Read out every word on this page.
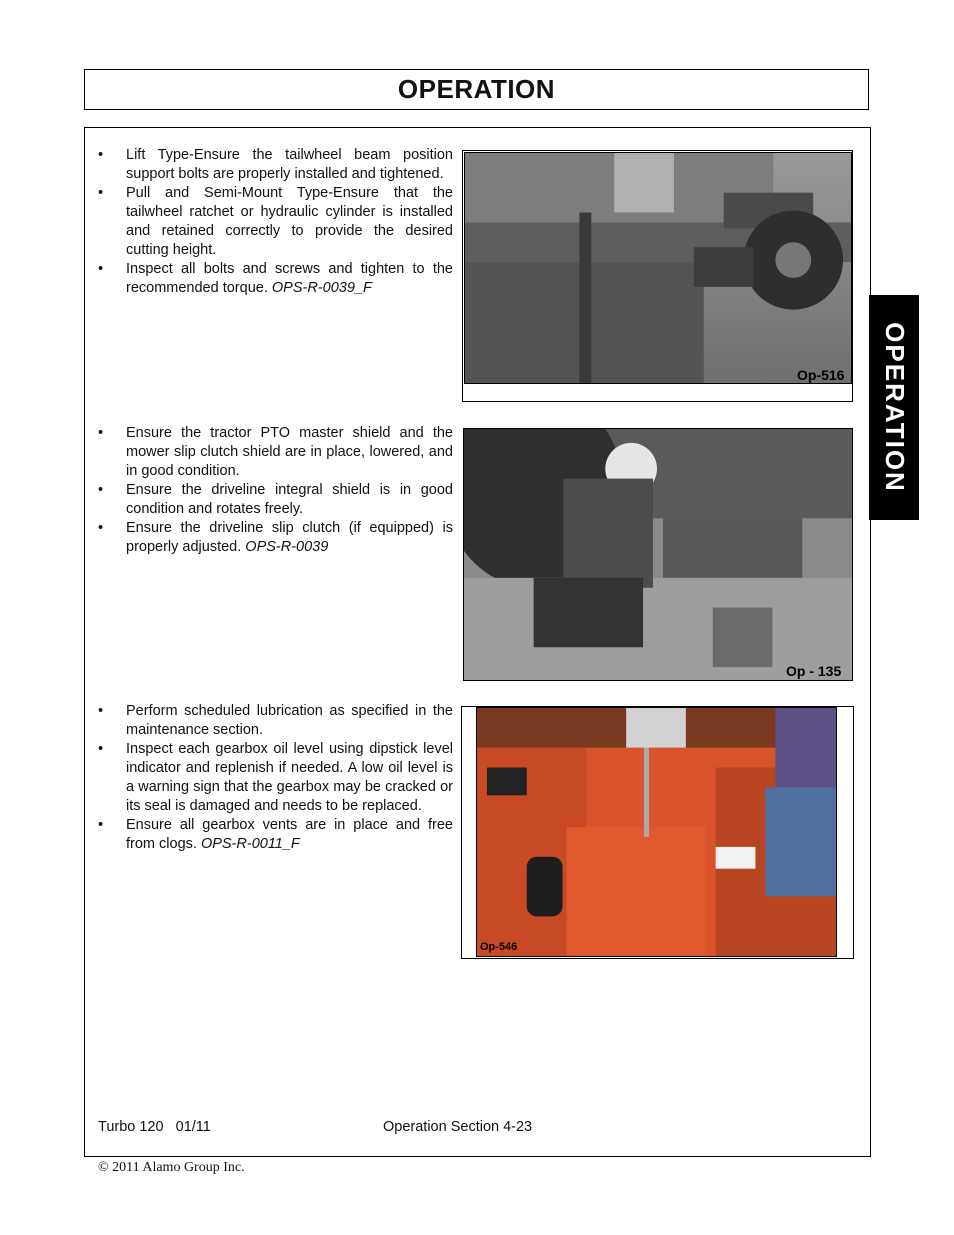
OPERATION
OPERATION
• Lift Type-Ensure the tailwheel beam position support bolts are properly installed and tightened.
• Pull and Semi-Mount Type-Ensure that the tailwheel ratchet or hydraulic cylinder is installed and retained correctly to provide the desired cutting height.
• Inspect all bolts and screws and tighten to the recommended torque. OPS-R-0039_F
Op-516
• Ensure the tractor PTO master shield and the mower slip clutch shield are in place, lowered, and in good condition.
• Ensure the driveline integral shield is in good condition and rotates freely.
• Ensure the driveline slip clutch (if equipped) is properly adjusted. OPS-R-0039
Op - 135
• Perform scheduled lubrication as specified in the maintenance section.
• Inspect each gearbox oil level using dipstick level indicator and replenish if needed. A low oil level is a warning sign that the gearbox may be cracked or its seal is damaged and needs to be replaced.
• Ensure all gearbox vents are in place and free from clogs. OPS-R-0011_F
Op-546
Turbo 120   01/11	Operation Section 4-23
© 2011 Alamo Group Inc.
